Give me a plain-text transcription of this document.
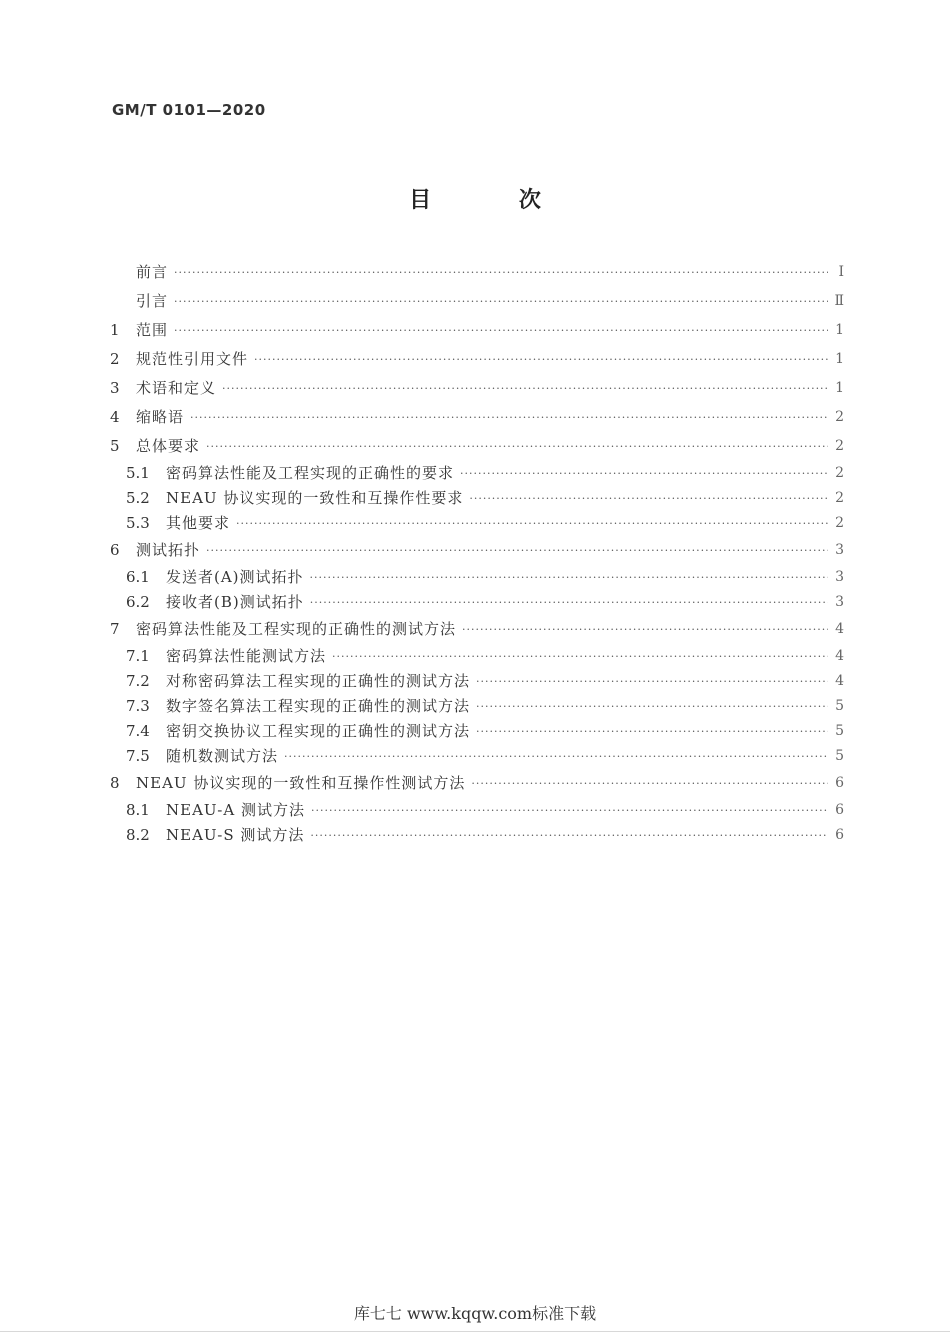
GM/T 0101—2020
目 次
前言 ·····	Ⅰ
引言 ·····	Ⅱ
1	范围 ·····	1
2	规范性引用文件 ·····	1
3	术语和定义 ·····	1
4	缩略语 ·····	2
5	总体要求 ·····	2
5.1	密码算法性能及工程实现的正确性的要求 ·····	2
5.2	NEAU 协议实现的一致性和互操作性要求 ·····	2
5.3	其他要求 ·····	2
6	测试拓扑 ·····	3
6.1	发送者(A)测试拓扑 ·····	3
6.2	接收者(B)测试拓扑 ·····	3
7	密码算法性能及工程实现的正确性的测试方法 ·····	4
7.1	密码算法性能测试方法 ·····	4
7.2	对称密码算法工程实现的正确性的测试方法 ·····	4
7.3	数字签名算法工程实现的正确性的测试方法 ·····	5
7.4	密钥交换协议工程实现的正确性的测试方法 ·····	5
7.5	随机数测试方法 ·····	5
8	NEAU 协议实现的一致性和互操作性测试方法 ·····	6
8.1	NEAU-A 测试方法 ·····	6
8.2	NEAU-S 测试方法 ·····	6
库七七 www.kqqw.com标准下载
